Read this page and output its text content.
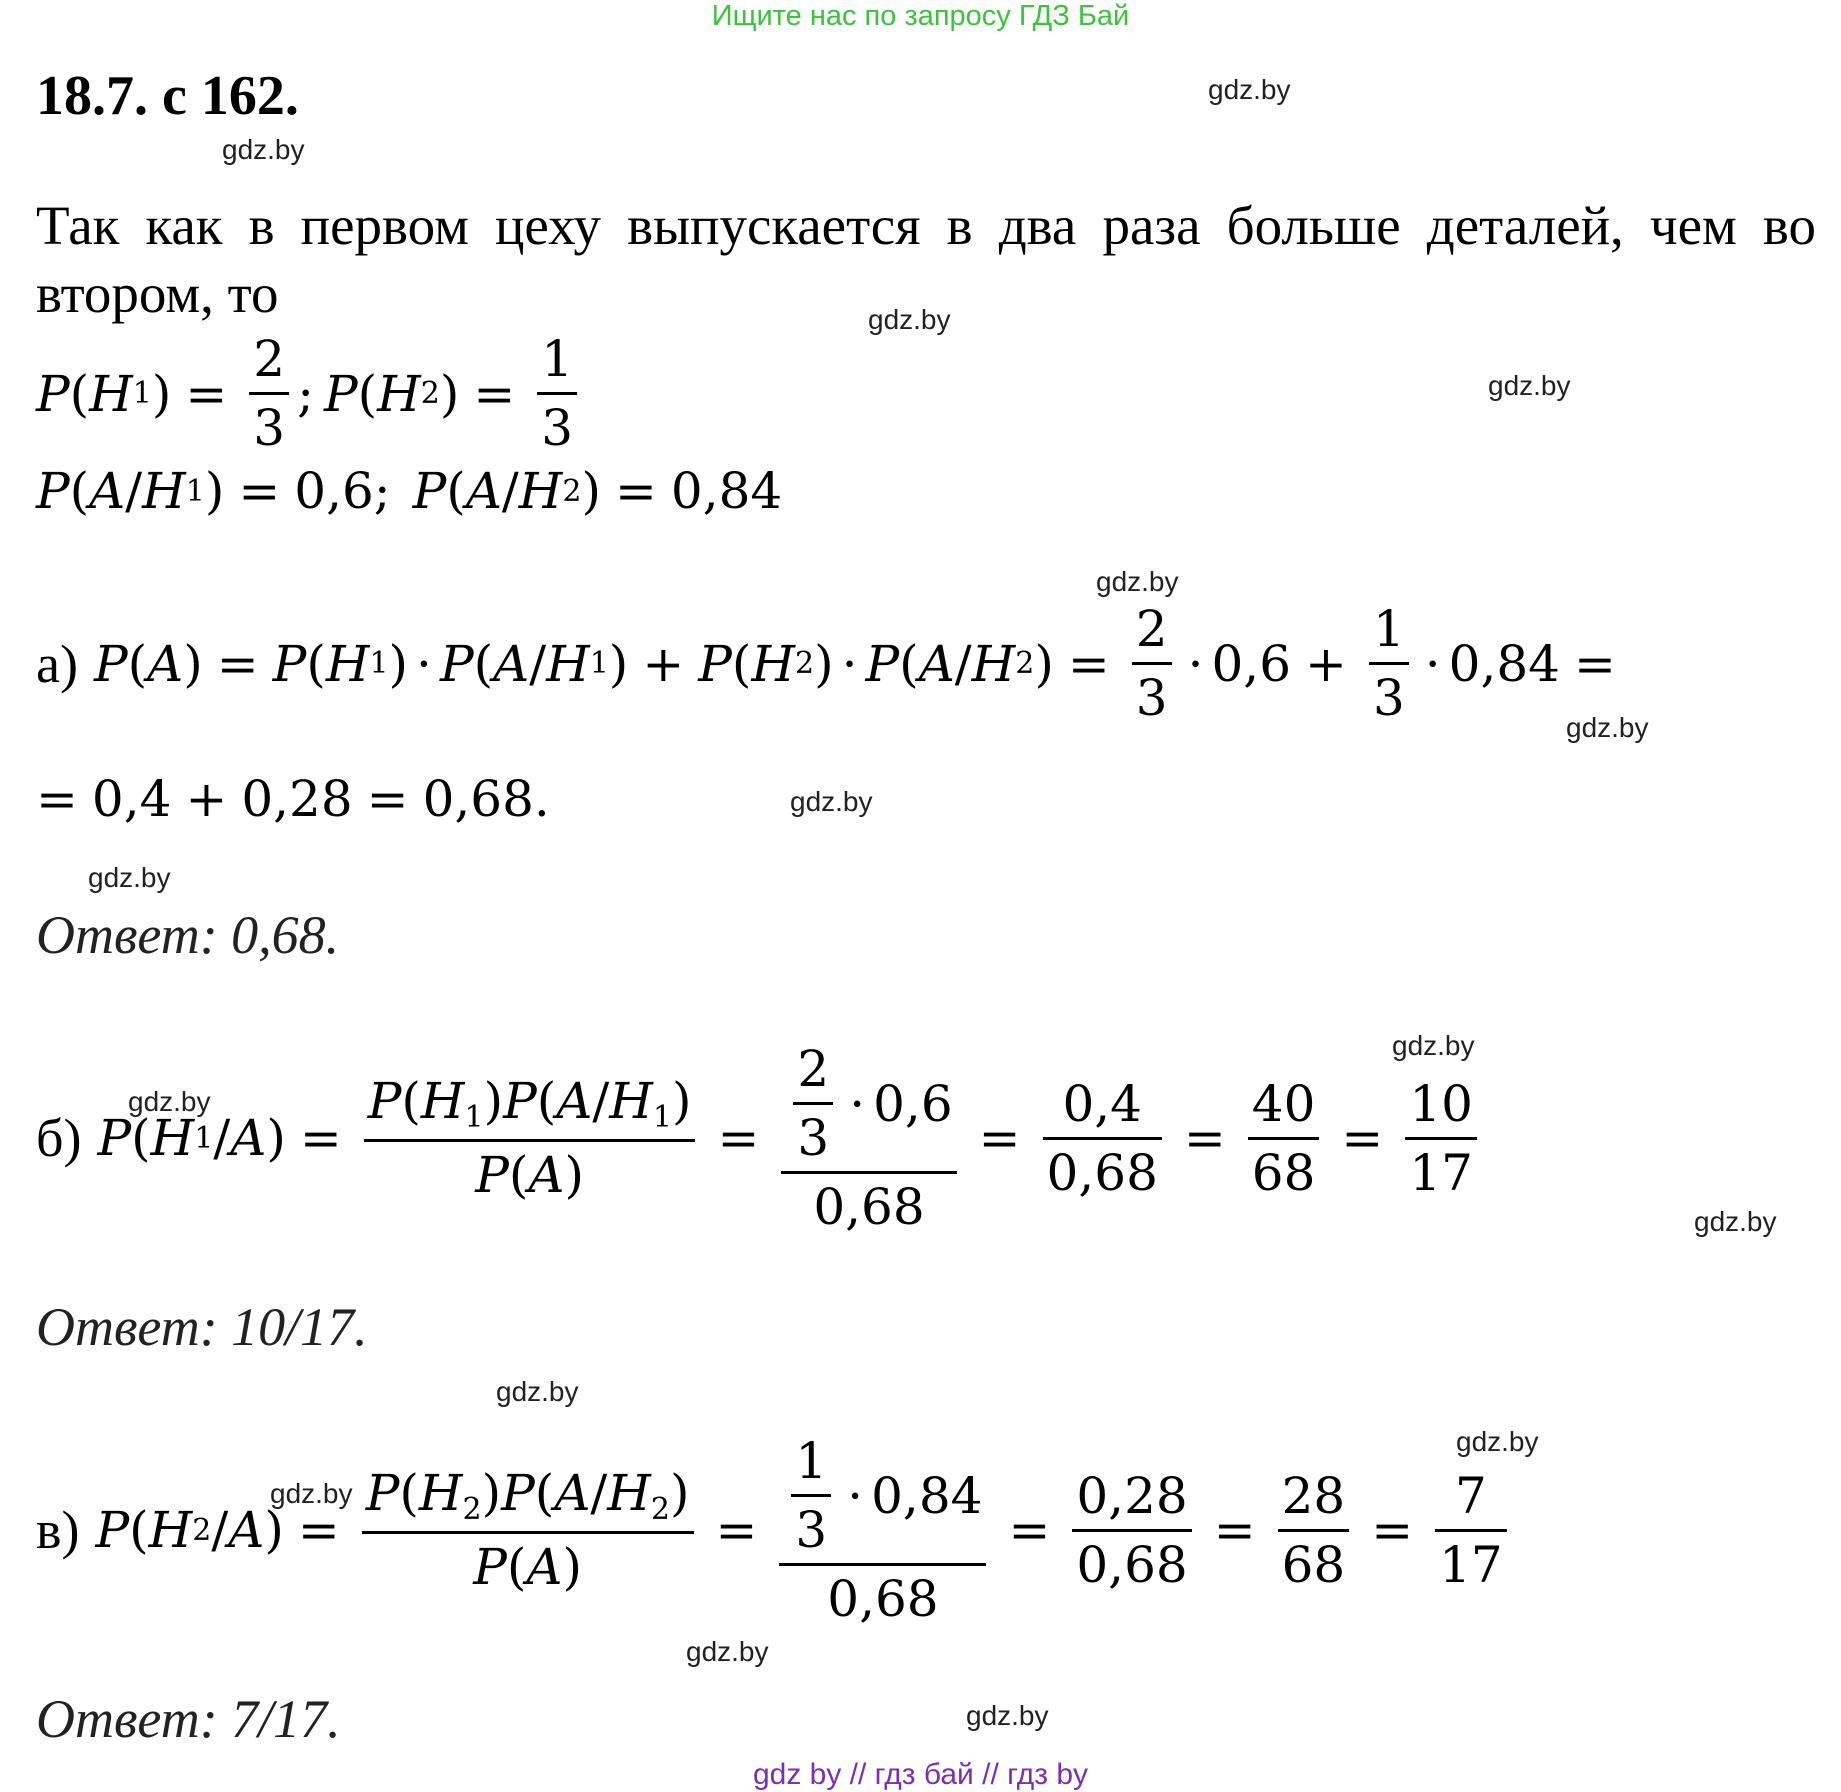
Ищите нас по запросу ГДЗ Бай
18.7. с 162.
Так как в первом цеху выпускается в два раза больше деталей, чем во втором, то
P ( H 1 ) = $\frac{2}{3}$ ; P ( H 2 ) = $\frac{1}{3}$
P ( A / H 1 ) = 0,6; P ( A / H 2 ) = 0,84
а) P ( A ) = P ( H 1 ) · P ( A / H 1 ) + P ( H 2 ) · P ( A / H 2 ) = $\frac{2}{3} \cdot 0,6 + \frac{1}{3} \cdot 0,84$ =
= 0,4 + 0,28 = 0,68.
Ответ: 0,68.
б) P ( H 1 / A ) = $\frac{P(H_1)P(A/H_1)}{P(A)} = \frac{\frac{2}{3} \cdot 0,6}{0,68} = \frac{0,4}{0,68} = \frac{40}{68} = \frac{10}{17}$
Ответ: 10/17.
в) P ( H 2 / A ) = $\frac{P(H_2)P(A/H_2)}{P(A)} = \frac{\frac{1}{3} \cdot 0,84}{0,68} = \frac{0,28}{0,68} = \frac{28}{68} = \frac{7}{17}$
Ответ: 7/17.
gdz.by
gdz.by
gdz.by
gdz.by
gdz.by
gdz.by
gdz.by
gdz.by
gdz.by
gdz.by
gdz.by
gdz.by
gdz.by
gdz.by
gdz.by
gdz.by
gdz by // гдз бай // гдз by
